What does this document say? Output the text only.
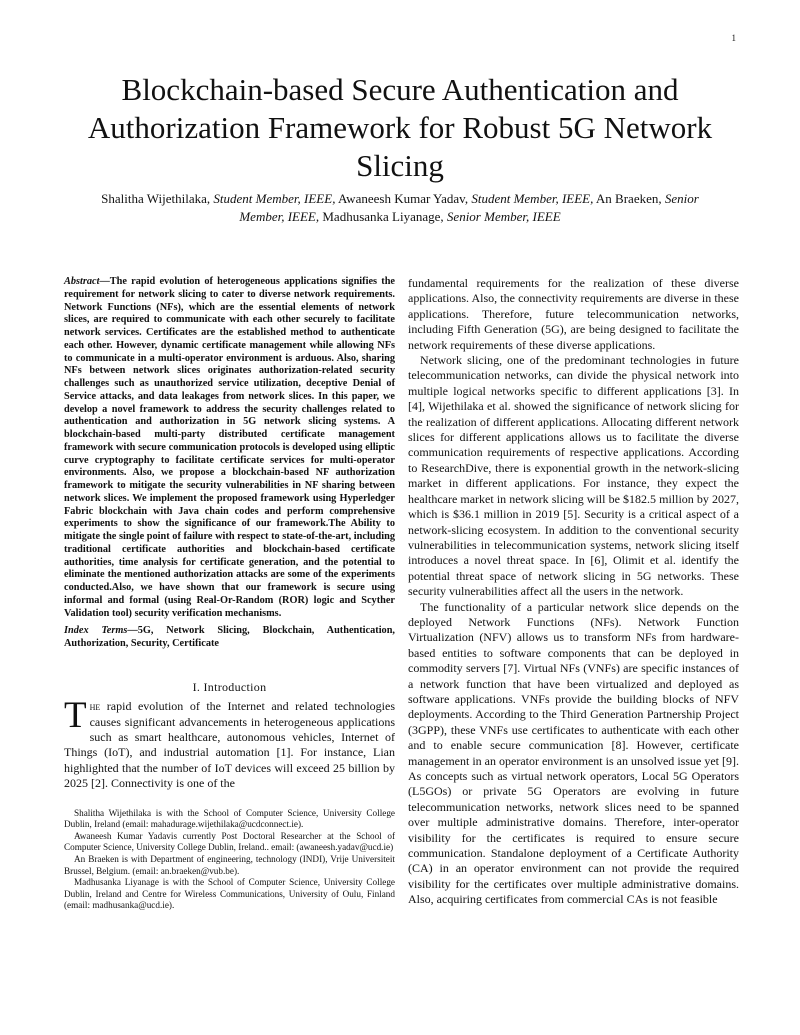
1
Blockchain-based Secure Authentication and Authorization Framework for Robust 5G Network Slicing
Shalitha Wijethilaka, Student Member, IEEE, Awaneesh Kumar Yadav, Student Member, IEEE, An Braeken, Senior Member, IEEE, Madhusanka Liyanage, Senior Member, IEEE

Abstract—The rapid evolution of heterogeneous applications signifies the requirement for network slicing to cater to diverse network requirements. Network Functions (NFs), which are the essential elements of network slices, are required to communicate with each other securely to facilitate network services. Certificates are the established method to authenticate each other. However, dynamic certificate management while allowing NFs to communicate in a multi-operator environment is arduous. Also, sharing NFs between network slices originates authorization-related security challenges such as unauthorized service utilization, deceptive Denial of Service attacks, and data leakages from network slices. In this paper, we develop a novel framework to address the security challenges related to authentication and authorization in 5G network slicing systems. A blockchain-based multi-party distributed certificate management framework with secure communication protocols is developed using elliptic curve cryptography to facilitate certificate services for multi-operator environments. Also, we propose a blockchain-based NF authorization framework to mitigate the security vulnerabilities in NF sharing between network slices. We implement the proposed framework using Hyperledger Fabric blockchain with Java chain codes and perform comprehensive experiments to show the significance of our framework.The Ability to mitigate the single point of failure with respect to state-of-the-art, including traditional certificate authorities and blockchain-based certificate authorities, time analysis for certificate generation, and the potential to eliminate the mentioned authorization attacks are some of the experiments conducted.Also, we have shown that our framework is secure using informal and formal (using Real-Or-Random (ROR) logic and Scyther Validation tool) security verification mechanisms.

Index Terms—5G, Network Slicing, Blockchain, Authentication, Authorization, Security, Certificate

I. Introduction

The rapid evolution of the Internet and related technologies causes significant advancements in heterogeneous applications such as smart healthcare, autonomous vehicles, Internet of Things (IoT), and industrial automation [1]. For instance, Lian highlighted that the number of IoT devices will exceed 25 billion by 2025 [2]. Connectivity is one of the

Shalitha Wijethilaka is with the School of Computer Science, University College Dublin, Ireland (email: mahadurage.wijethilaka@ucdconnect.ie).

Awaneesh Kumar Yadavis currently Post Doctoral Researcher at the School of Computer Science, University College Dublin, Ireland.. email: (awaneesh.yadav@ucd.ie)

An Braeken is with Department of engineering, technology (INDI), Vrije Universiteit Brussel, Belgium. (email: an.braeken@vub.be).

Madhusanka Liyanage is with the School of Computer Science, University College Dublin, Ireland and Centre for Wireless Communications, University of Oulu, Finland (email: madhusanka@ucd.ie).

fundamental requirements for the realization of these diverse applications. Also, the connectivity requirements are diverse in these applications. Therefore, future telecommunication networks, including Fifth Generation (5G), are being designed to facilitate the network requirements of these diverse applications.

Network slicing, one of the predominant technologies in future telecommunication networks, can divide the physical network into multiple logical networks specific to different applications [3]. In [4], Wijethilaka et al. showed the significance of network slicing for the realization of different applications. Allocating different network slices for different applications allows us to facilitate the diverse communication requirements of respective applications. According to ResearchDive, there is exponential growth in the network-slicing market in different applications. For instance, they expect the healthcare market in network slicing will be $182.5 million by 2027, which is $36.1 million in 2019 [5]. Security is a critical aspect of a network-slicing ecosystem. In addition to the conventional security vulnerabilities in telecommunication systems, network slicing itself introduces a novel threat space. In [6], Olimit et al. identify the potential threat space of network slicing in 5G networks. These security vulnerabilities affect all the users in the network.

The functionality of a particular network slice depends on the deployed Network Functions (NFs). Network Function Virtualization (NFV) allows us to transform NFs from hardware-based entities to software components that can be deployed in commodity servers [7]. Virtual NFs (VNFs) are specific instances of a network function that have been virtualized and deployed as software applications. VNFs provide the building blocks of NFV deployments. According to the Third Generation Partnership Project (3GPP), these VNFs use certificates to authenticate with each other and to enable secure communication [8]. However, certificate management in an operator environment is an unsolved issue yet [9]. As concepts such as virtual network operators, Local 5G Operators (L5GOs) or private 5G Operators are evolving in future telecommunication networks, network slices need to be spanned over multiple administrative domains. Therefore, inter-operator visibility for the certificates is required to ensure secure communication. Standalone deployment of a Certificate Authority (CA) in an operator environment can not provide the required visibility for the certificates over multiple administrative domains. Also, acquiring certificates from commercial CAs is not feasible
